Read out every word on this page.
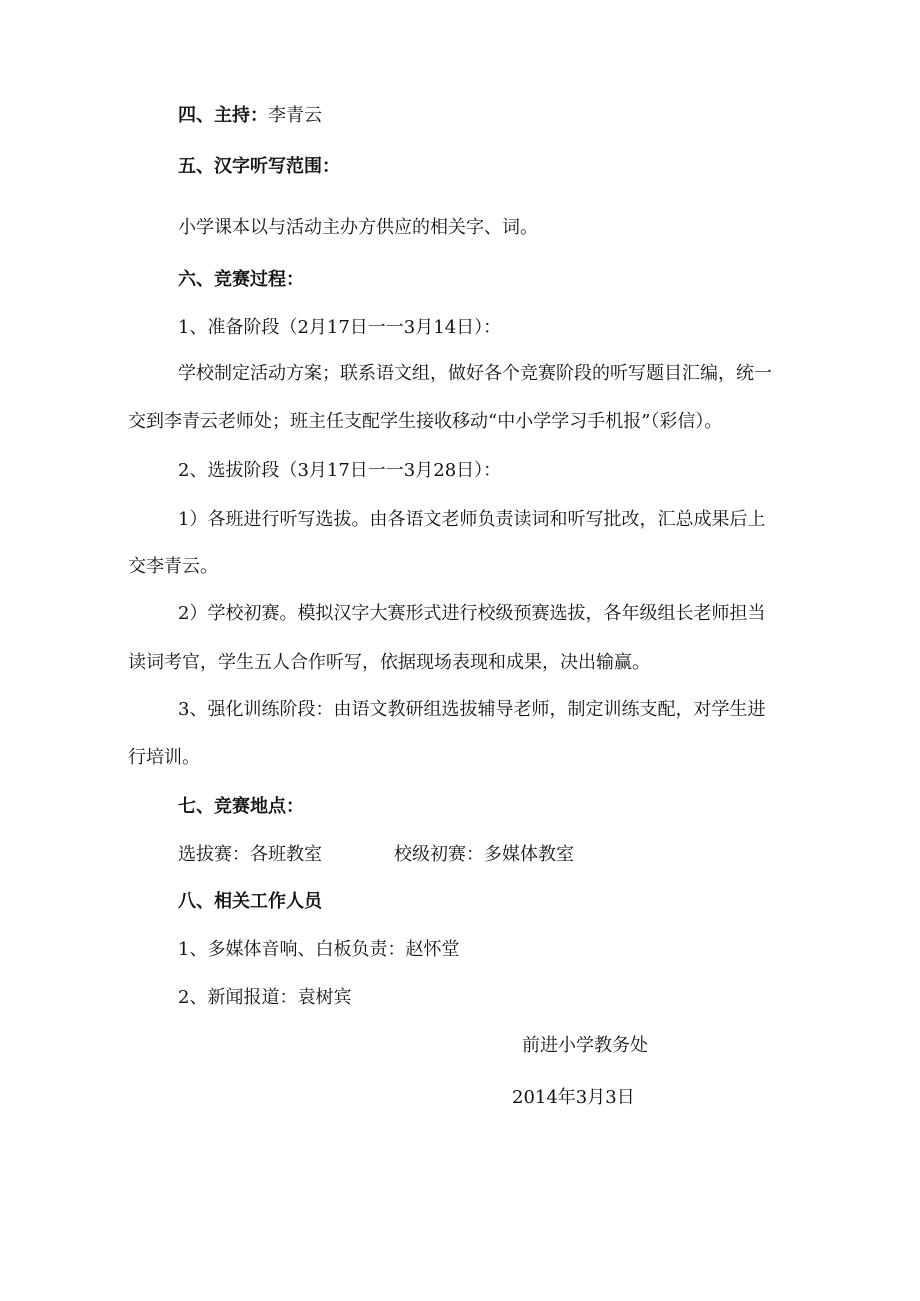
四、主持：李青云
五、汉字听写范围：
小学课本以与活动主办方供应的相关字、词。
六、竞赛过程：
1、准备阶段（2月17日一一3月14日）：
学校制定活动方案；联系语文组，做好各个竞赛阶段的听写题目汇编，统一
交到李青云老师处；班主任支配学生接收移动“中小学学习手机报”（彩信）。
2、选拔阶段（3月17日一一3月28日）：
1）各班进行听写选拔。由各语文老师负责读词和听写批改，汇总成果后上
交李青云。
2）学校初赛。模拟汉字大赛形式进行校级预赛选拔，各年级组长老师担当
读词考官，学生五人合作听写，依据现场表现和成果，决出输赢。
3、强化训练阶段：由语文教研组选拔辅导老师，制定训练支配，对学生进
行培训。
七、竞赛地点：
选拔赛：各班教室	校级初赛：多媒体教室
八、相关工作人员
1、多媒体音响、白板负责：赵怀堂
2、新闻报道：袁树宾
前进小学教务处
2014年3月3日
